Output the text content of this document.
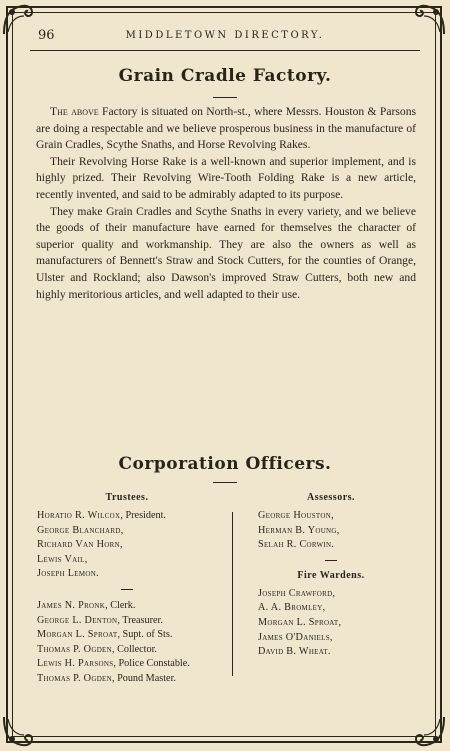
96	MIDDLETOWN DIRECTORY.
Grain Cradle Factory.

The above Factory is situated on North-st., where Messrs. Houston & Parsons are doing a respectable and we believe prosperous business in the manufacture of Grain Cradles, Scythe Snaths, and Horse Revolving Rakes.

Their Revolving Horse Rake is a well-known and superior implement, and is highly prized. Their Revolving Wire-Tooth Folding Rake is a new article, recently invented, and said to be admirably adapted to its purpose.

They make Grain Cradles and Scythe Snaths in every variety, and we believe the goods of their manufacture have earned for themselves the character of superior quality and workmanship. They are also the owners as well as manufacturers of Bennett's Straw and Stock Cutters, for the counties of Orange, Ulster and Rockland; also Dawson's improved Straw Cutters, both new and highly meritorious articles, and well adapted to their use.

Corporation Officers.
Trustees.
Horatio R. Wilcox, President.
George Blanchard,
Richard Van Horn,
Lewis Vail,
Joseph Lemon.
James N. Pronk, Clerk.
George L. Denton, Treasurer.
Morgan L. Sproat, Supt. of Sts.
Thomas P. Ogden, Collector.
Lewis H. Parsons, Police Constable.
Thomas P. Ogden, Pound Master.
Assessors.
George Houston,
Herman B. Young,
Selah R. Corwin.
Fire Wardens.
Joseph Crawford,
A. A. Bromley,
Morgan L. Sproat,
James O'Daniels,
David B. Wheat.
